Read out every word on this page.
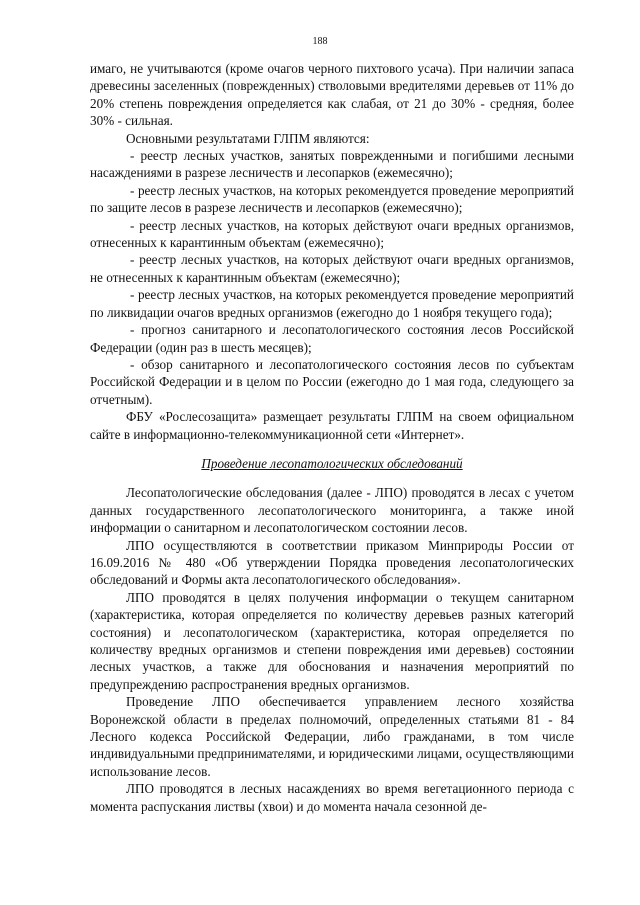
188

имаго, не учитываются (кроме очагов черного пихтового усача). При наличии запаса древесины заселенных (поврежденных) стволовыми вредителями деревьев от 11% до 20% степень повреждения определяется как слабая, от 21 до 30% - средняя, более 30% - сильная.

Основными результатами ГЛПМ являются:

- реестр лесных участков, занятых поврежденными и погибшими лесными насаждениями в разрезе лесничеств и лесопарков (ежемесячно);

- реестр лесных участков, на которых рекомендуется проведение мероприятий по защите лесов в разрезе лесничеств и лесопарков (ежемесячно);

- реестр лесных участков, на которых действуют очаги вредных организмов, отнесенных к карантинным объектам (ежемесячно);

- реестр лесных участков, на которых действуют очаги вредных организмов, не отнесенных к карантинным объектам (ежемесячно);

- реестр лесных участков, на которых рекомендуется проведение мероприятий по ликвидации очагов вредных организмов (ежегодно до 1 ноября текущего года);

- прогноз санитарного и лесопатологического состояния лесов Российской Федерации (один раз в шесть месяцев);

- обзор санитарного и лесопатологического состояния лесов по субъектам Российской Федерации и в целом по России (ежегодно до 1 мая года, следующего за отчетным).

ФБУ «Рослесозащита» размещает результаты ГЛПМ на своем официальном сайте в информационно-телекоммуникационной сети «Интернет».

Проведение лесопатологических обследований

Лесопатологические обследования (далее - ЛПО) проводятся в лесах с учетом данных государственного лесопатологического мониторинга, а также иной информации о санитарном и лесопатологическом состоянии лесов.

ЛПО осуществляются в соответствии приказом Минприроды России от 16.09.2016 № 480 «Об утверждении Порядка проведения лесопатологических обследований и Формы акта лесопатологического обследования».

ЛПО проводятся в целях получения информации о текущем санитарном (характеристика, которая определяется по количеству деревьев разных категорий состояния) и лесопатологическом (характеристика, которая определяется по количеству вредных организмов и степени повреждения ими деревьев) состоянии лесных участков, а также для обоснования и назначения мероприятий по предупреждению распространения вредных организмов.

Проведение ЛПО обеспечивается управлением лесного хозяйства Воронежской области в пределах полномочий, определенных статьями 81 - 84 Лесного кодекса Российской Федерации, либо гражданами, в том числе индивидуальными предпринимателями, и юридическими лицами, осуществляющими использование лесов.

ЛПО проводятся в лесных насаждениях во время вегетационного периода с момента распускания листвы (хвои) и до момента начала сезонной де-
